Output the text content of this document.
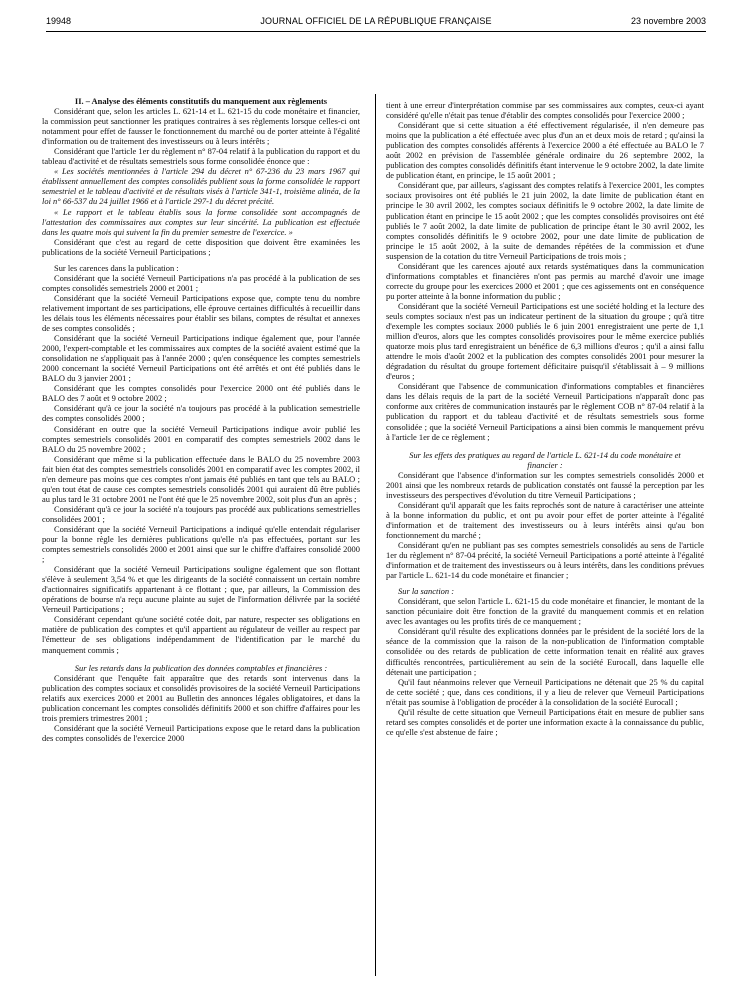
19948	JOURNAL OFFICIEL DE LA RÉPUBLIQUE FRANÇAISE	23 novembre 2003

II. – Analyse des éléments constitutifs du manquement aux règlements

Considérant que, selon les articles L. 621-14 et L. 621-15 du code monétaire et financier, la commission peut sanctionner les pratiques contraires à ses règlements lorsque celles-ci ont notamment pour effet de fausser le fonctionnement du marché ou de porter atteinte à l'égalité d'information ou de traitement des investisseurs ou à leurs intérêts ;

Considérant que l'article 1er du règlement n° 87-04 relatif à la publication du rapport et du tableau d'activité et de résultats semestriels sous forme consolidée énonce que :

« Les sociétés mentionnées à l'article 294 du décret n° 67-236 du 23 mars 1967 qui établissent annuellement des comptes consolidés publient sous la forme consolidée le rapport semestriel et le tableau d'activité et de résultats visés à l'article 341-1, troisième alinéa, de la loi n° 66-537 du 24 juillet 1966 et à l'article 297-1 du décret précité.

« Le rapport et le tableau établis sous la forme consolidée sont accompagnés de l'attestation des commissaires aux comptes sur leur sincérité. La publication est effectuée dans les quatre mois qui suivent la fin du premier semestre de l'exercice. »

Considérant que c'est au regard de cette disposition que doivent être examinées les publications de la société Verneuil Participations ;

Sur les carences dans la publication :

Considérant que la société Verneuil Participations n'a pas procédé à la publication de ses comptes consolidés semestriels 2000 et 2001 ;

Considérant que la société Verneuil Participations expose que, compte tenu du nombre relativement important de ses participations, elle éprouve certaines difficultés à recueillir dans les délais tous les éléments nécessaires pour établir ses bilans, comptes de résultat et annexes de ses comptes consolidés ;

Considérant que la société Verneuil Participations indique également que, pour l'année 2000, l'expert-comptable et les commissaires aux comptes de la société avaient estimé que la consolidation ne s'appliquait pas à l'année 2000 ; qu'en conséquence les comptes semestriels 2000 concernant la société Verneuil Participations ont été arrêtés et ont été publiés dans le BALO du 3 janvier 2001 ;

Considérant que les comptes consolidés pour l'exercice 2000 ont été publiés dans le BALO des 7 août et 9 octobre 2002 ;

Considérant qu'à ce jour la société n'a toujours pas procédé à la publication semestrielle des comptes consolidés 2000 ;

Considérant en outre que la société Verneuil Participations indique avoir publié les comptes semestriels consolidés 2001 en comparatif des comptes semestriels 2002 dans le BALO du 25 novembre 2002 ;

Considérant que même si la publication effectuée dans le BALO du 25 novembre 2003 fait bien état des comptes semestriels consolidés 2001 en comparatif avec les comptes 2002, il n'en demeure pas moins que ces comptes n'ont jamais été publiés en tant que tels au BALO ; qu'en tout état de cause ces comptes semestriels consolidés 2001 qui auraient dû être publiés au plus tard le 31 octobre 2001 ne l'ont été que le 25 novembre 2002, soit plus d'un an après ;

Considérant qu'à ce jour la société n'a toujours pas procédé aux publications semestrielles consolidées 2001 ;

Considérant que la société Verneuil Participations a indiqué qu'elle entendait régulariser pour la bonne règle les dernières publications qu'elle n'a pas effectuées, portant sur les comptes semestriels consolidés 2000 et 2001 ainsi que sur le chiffre d'affaires consolidé 2000 ;

Considérant que la société Verneuil Participations souligne également que son flottant s'élève à seulement 3,54 % et que les dirigeants de la société connaissent un certain nombre d'actionnaires significatifs appartenant à ce flottant ; que, par ailleurs, la Commission des opérations de bourse n'a reçu aucune plainte au sujet de l'information délivrée par la société Verneuil Participations ;

Considérant cependant qu'une société cotée doit, par nature, respecter ses obligations en matière de publication des comptes et qu'il appartient au régulateur de veiller au respect par l'émetteur de ses obligations indépendamment de l'identification par le marché du manquement commis ;

Sur les retards dans la publication des données comptables et financières :

Considérant que l'enquête fait apparaître que des retards sont intervenus dans la publication des comptes sociaux et consolidés provisoires de la société Verneuil Participations relatifs aux exercices 2000 et 2001 au Bulletin des annonces légales obligatoires, et dans la publication concernant les comptes consolidés définitifs 2000 et son chiffre d'affaires pour les trois premiers trimestres 2001 ;

Considérant que la société Verneuil Participations expose que le retard dans la publication des comptes consolidés de l'exercice 2000

tient à une erreur d'interprétation commise par ses commissaires aux comptes, ceux-ci ayant considéré qu'elle n'était pas tenue d'établir des comptes consolidés pour l'exercice 2000 ;

Considérant que si cette situation a été effectivement régularisée, il n'en demeure pas moins que la publication a été effectuée avec plus d'un an et deux mois de retard ; qu'ainsi la publication des comptes consolidés afférents à l'exercice 2000 a été effectuée au BALO le 7 août 2002 en prévision de l'assemblée générale ordinaire du 26 septembre 2002, la publication des comptes consolidés définitifs étant intervenue le 9 octobre 2002, la date limite de publication étant, en principe, le 15 août 2001 ;

Considérant que, par ailleurs, s'agissant des comptes relatifs à l'exercice 2001, les comptes sociaux provisoires ont été publiés le 21 juin 2002, la date limite de publication étant en principe le 30 avril 2002, les comptes sociaux définitifs le 9 octobre 2002, la date limite de publication étant en principe le 15 août 2002 ; que les comptes consolidés provisoires ont été publiés le 7 août 2002, la date limite de publication de principe étant le 30 avril 2002, les comptes consolidés définitifs le 9 octobre 2002, pour une date limite de publication de principe le 15 août 2002, à la suite de demandes répétées de la commission et d'une suspension de la cotation du titre Verneuil Participations de trois mois ;

Considérant que les carences ajouté aux retards systématiques dans la communication d'informations comptables et financières n'ont pas permis au marché d'avoir une image correcte du groupe pour les exercices 2000 et 2001 ; que ces agissements ont en conséquence pu porter atteinte à la bonne information du public ;

Considérant que la société Verneuil Participations est une société holding et la lecture des seuls comptes sociaux n'est pas un indicateur pertinent de la situation du groupe ; qu'à titre d'exemple les comptes sociaux 2000 publiés le 6 juin 2001 enregistraient une perte de 1,1 million d'euros, alors que les comptes consolidés provisoires pour le même exercice publiés quatorze mois plus tard enregistraient un bénéfice de 6,3 millions d'euros ; qu'il a ainsi fallu attendre le mois d'août 2002 et la publication des comptes consolidés 2001 pour mesurer la dégradation du résultat du groupe fortement déficitaire puisqu'il s'établissait à – 9 millions d'euros ;

Considérant que l'absence de communication d'informations comptables et financières dans les délais requis de la part de la société Verneuil Participations n'apparaît donc pas conforme aux critères de communication instaurés par le règlement COB n° 87-04 relatif à la publication du rapport et du tableau d'activité et de résultats semestriels sous forme consolidée ; que la société Verneuil Participations a ainsi bien commis le manquement prévu à l'article 1er de ce règlement ;

Sur les effets des pratiques au regard de l'article L. 621-14 du code monétaire et financier :

Considérant que l'absence d'information sur les comptes semestriels consolidés 2000 et 2001 ainsi que les nombreux retards de publication constatés ont faussé la perception par les investisseurs des perspectives d'évolution du titre Verneuil Participations ;

Considérant qu'il apparaît que les faits reprochés sont de nature à caractériser une atteinte à la bonne information du public, et ont pu avoir pour effet de porter atteinte à l'égalité d'information et de traitement des investisseurs ou à leurs intérêts ainsi qu'au bon fonctionnement du marché ;

Considérant qu'en ne publiant pas ses comptes semestriels consolidés au sens de l'article 1er du règlement n° 87-04 précité, la société Verneuil Participations a porté atteinte à l'égalité d'information et de traitement des investisseurs ou à leurs intérêts, dans les conditions prévues par l'article L. 621-14 du code monétaire et financier ;

Sur la sanction :

Considérant, que selon l'article L. 621-15 du code monétaire et financier, le montant de la sanction pécuniaire doit être fonction de la gravité du manquement commis et en relation avec les avantages ou les profits tirés de ce manquement ;

Considérant qu'il résulte des explications données par le président de la société lors de la séance de la commission que la raison de la non-publication de l'information comptable consolidée ou des retards de publication de cette information tenait en réalité aux graves difficultés rencontrées, particulièrement au sein de la société Eurocall, dans laquelle elle détenait une participation ;

Qu'il faut néanmoins relever que Verneuil Participations ne détenait que 25 % du capital de cette société ; que, dans ces conditions, il y a lieu de relever que Verneuil Participations n'était pas soumise à l'obligation de procéder à la consolidation de la société Eurocall ;

Qu'il résulte de cette situation que Verneuil Participations était en mesure de publier sans retard ses comptes consolidés et de porter une information exacte à la connaissance du public, ce qu'elle s'est abstenue de faire ;
